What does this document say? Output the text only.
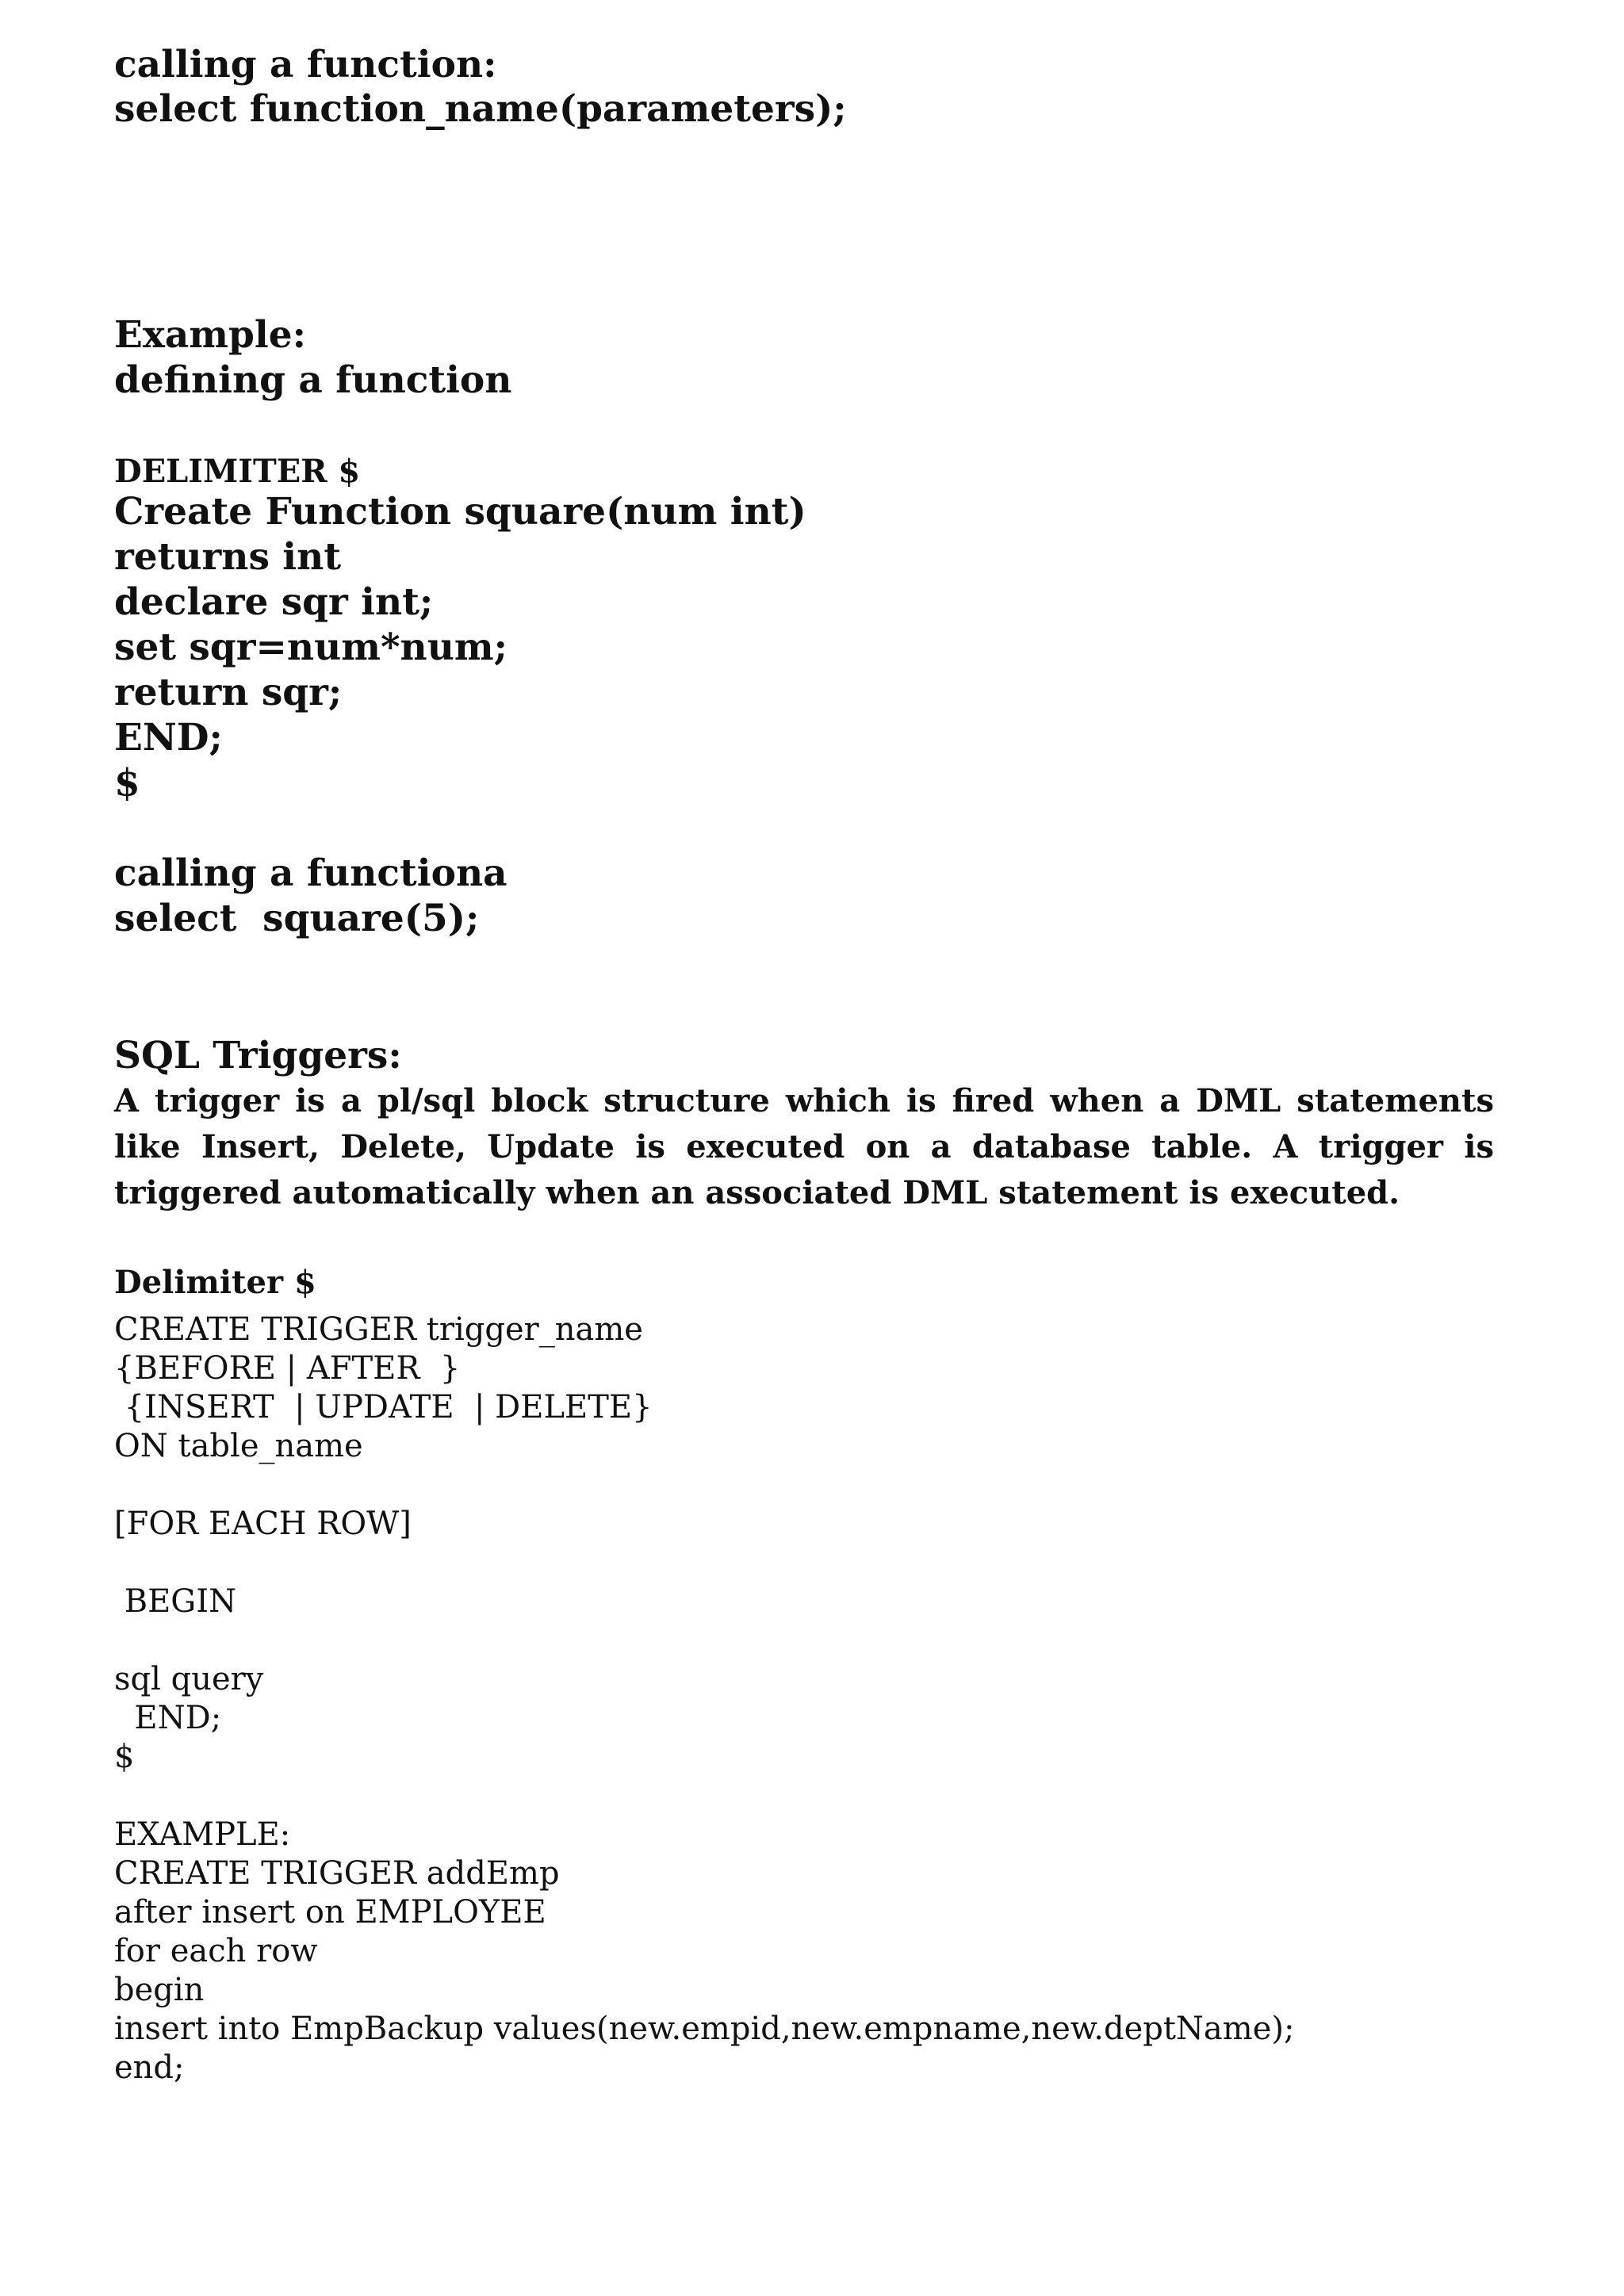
calling a function:
select function_name(parameters);
Example:
defining a function
DELIMITER $
Create Function square(num int)
returns int
declare sqr int;
set sqr=num*num;
return sqr;
END;
$
calling a functiona
select  square(5);
SQL Triggers:
A trigger is a pl/sql block structure which is fired when a DML statements like Insert, Delete, Update is executed on a database table. A trigger is triggered automatically when an associated DML statement is executed.
Delimiter $
CREATE TRIGGER trigger_name
{BEFORE | AFTER  }
{INSERT  | UPDATE  | DELETE}
ON table_name
[FOR EACH ROW]
BEGIN
sql query
END;
$
EXAMPLE:
CREATE TRIGGER addEmp
after insert on EMPLOYEE
for each row
begin
insert into EmpBackup values(new.empid,new.empname,new.deptName);
end;
